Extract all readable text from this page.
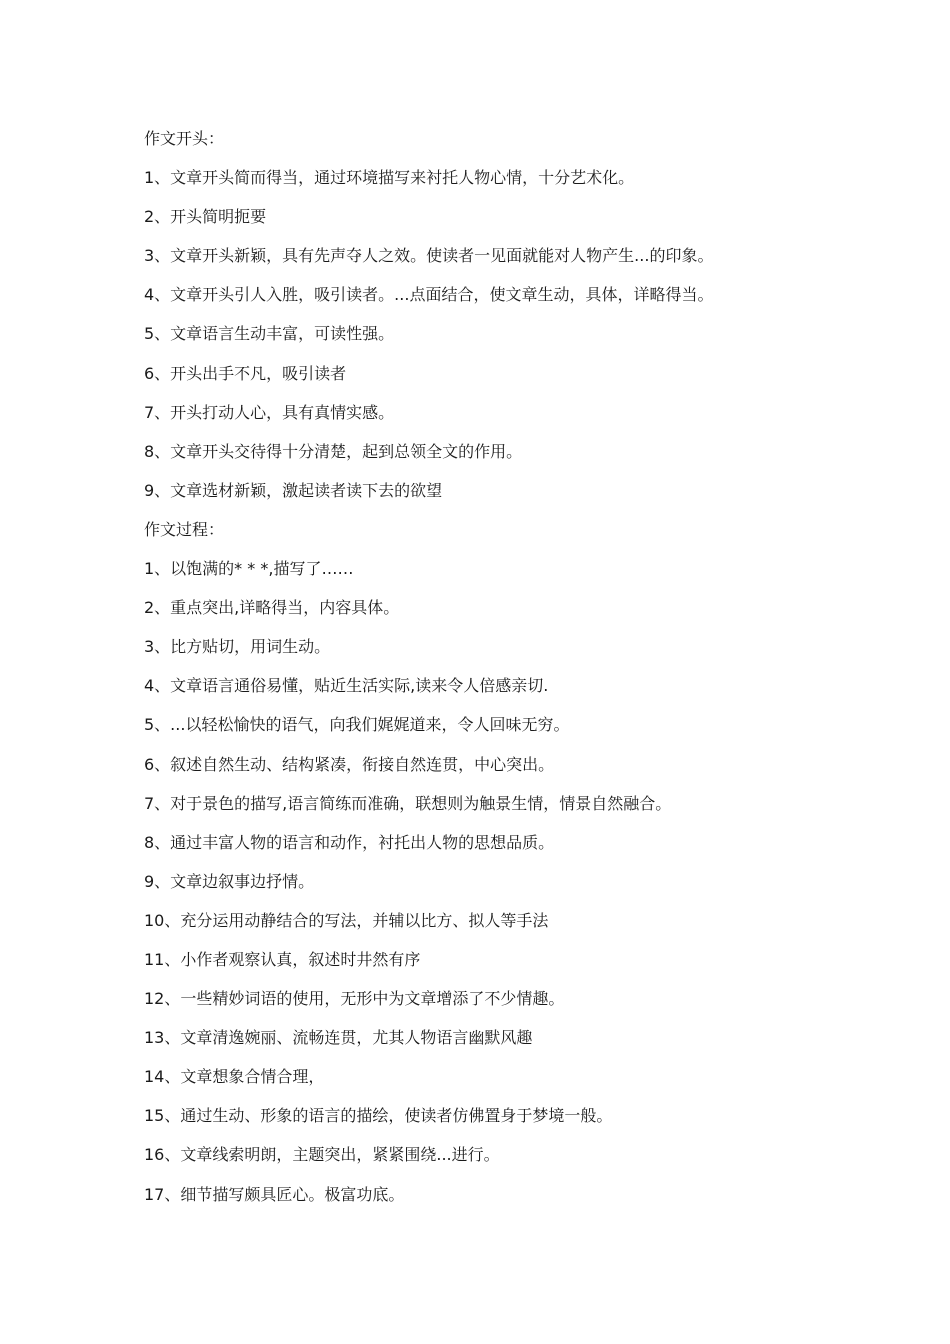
作文开头：
1、文章开头简而得当，通过环境描写来衬托人物心情，十分艺术化。
2、开头简明扼要
3、文章开头新颖，具有先声夺人之效。使读者一见面就能对人物产生...的印象。
4、文章开头引人入胜，吸引读者。...点面结合，使文章生动，具体，详略得当。
5、文章语言生动丰富，可读性强。
6、开头出手不凡，吸引读者
7、开头打动人心，具有真情实感。
8、文章开头交待得十分清楚，起到总领全文的作用。
9、文章选材新颖，激起读者读下去的欲望
作文过程：
1、以饱满的* * *,描写了……
2、重点突出,详略得当，内容具体。
3、比方贴切，用词生动。
4、文章语言通俗易懂，贴近生活实际,读来令人倍感亲切.
5、...以轻松愉快的语气，向我们娓娓道来，令人回味无穷。
6、叙述自然生动、结构紧凑，衔接自然连贯，中心突出。
7、对于景色的描写,语言简练而准确，联想则为触景生情，情景自然融合。
8、通过丰富人物的语言和动作，衬托出人物的思想品质。
9、文章边叙事边抒情。
10、充分运用动静结合的写法，并辅以比方、拟人等手法
11、小作者观察认真，叙述时井然有序
12、一些精妙词语的使用，无形中为文章增添了不少情趣。
13、文章清逸婉丽、流畅连贯，尤其人物语言幽默风趣
14、文章想象合情合理，
15、通过生动、形象的语言的描绘，使读者仿佛置身于梦境一般。
16、文章线索明朗，主题突出，紧紧围绕...进行。
17、细节描写颇具匠心。极富功底。
